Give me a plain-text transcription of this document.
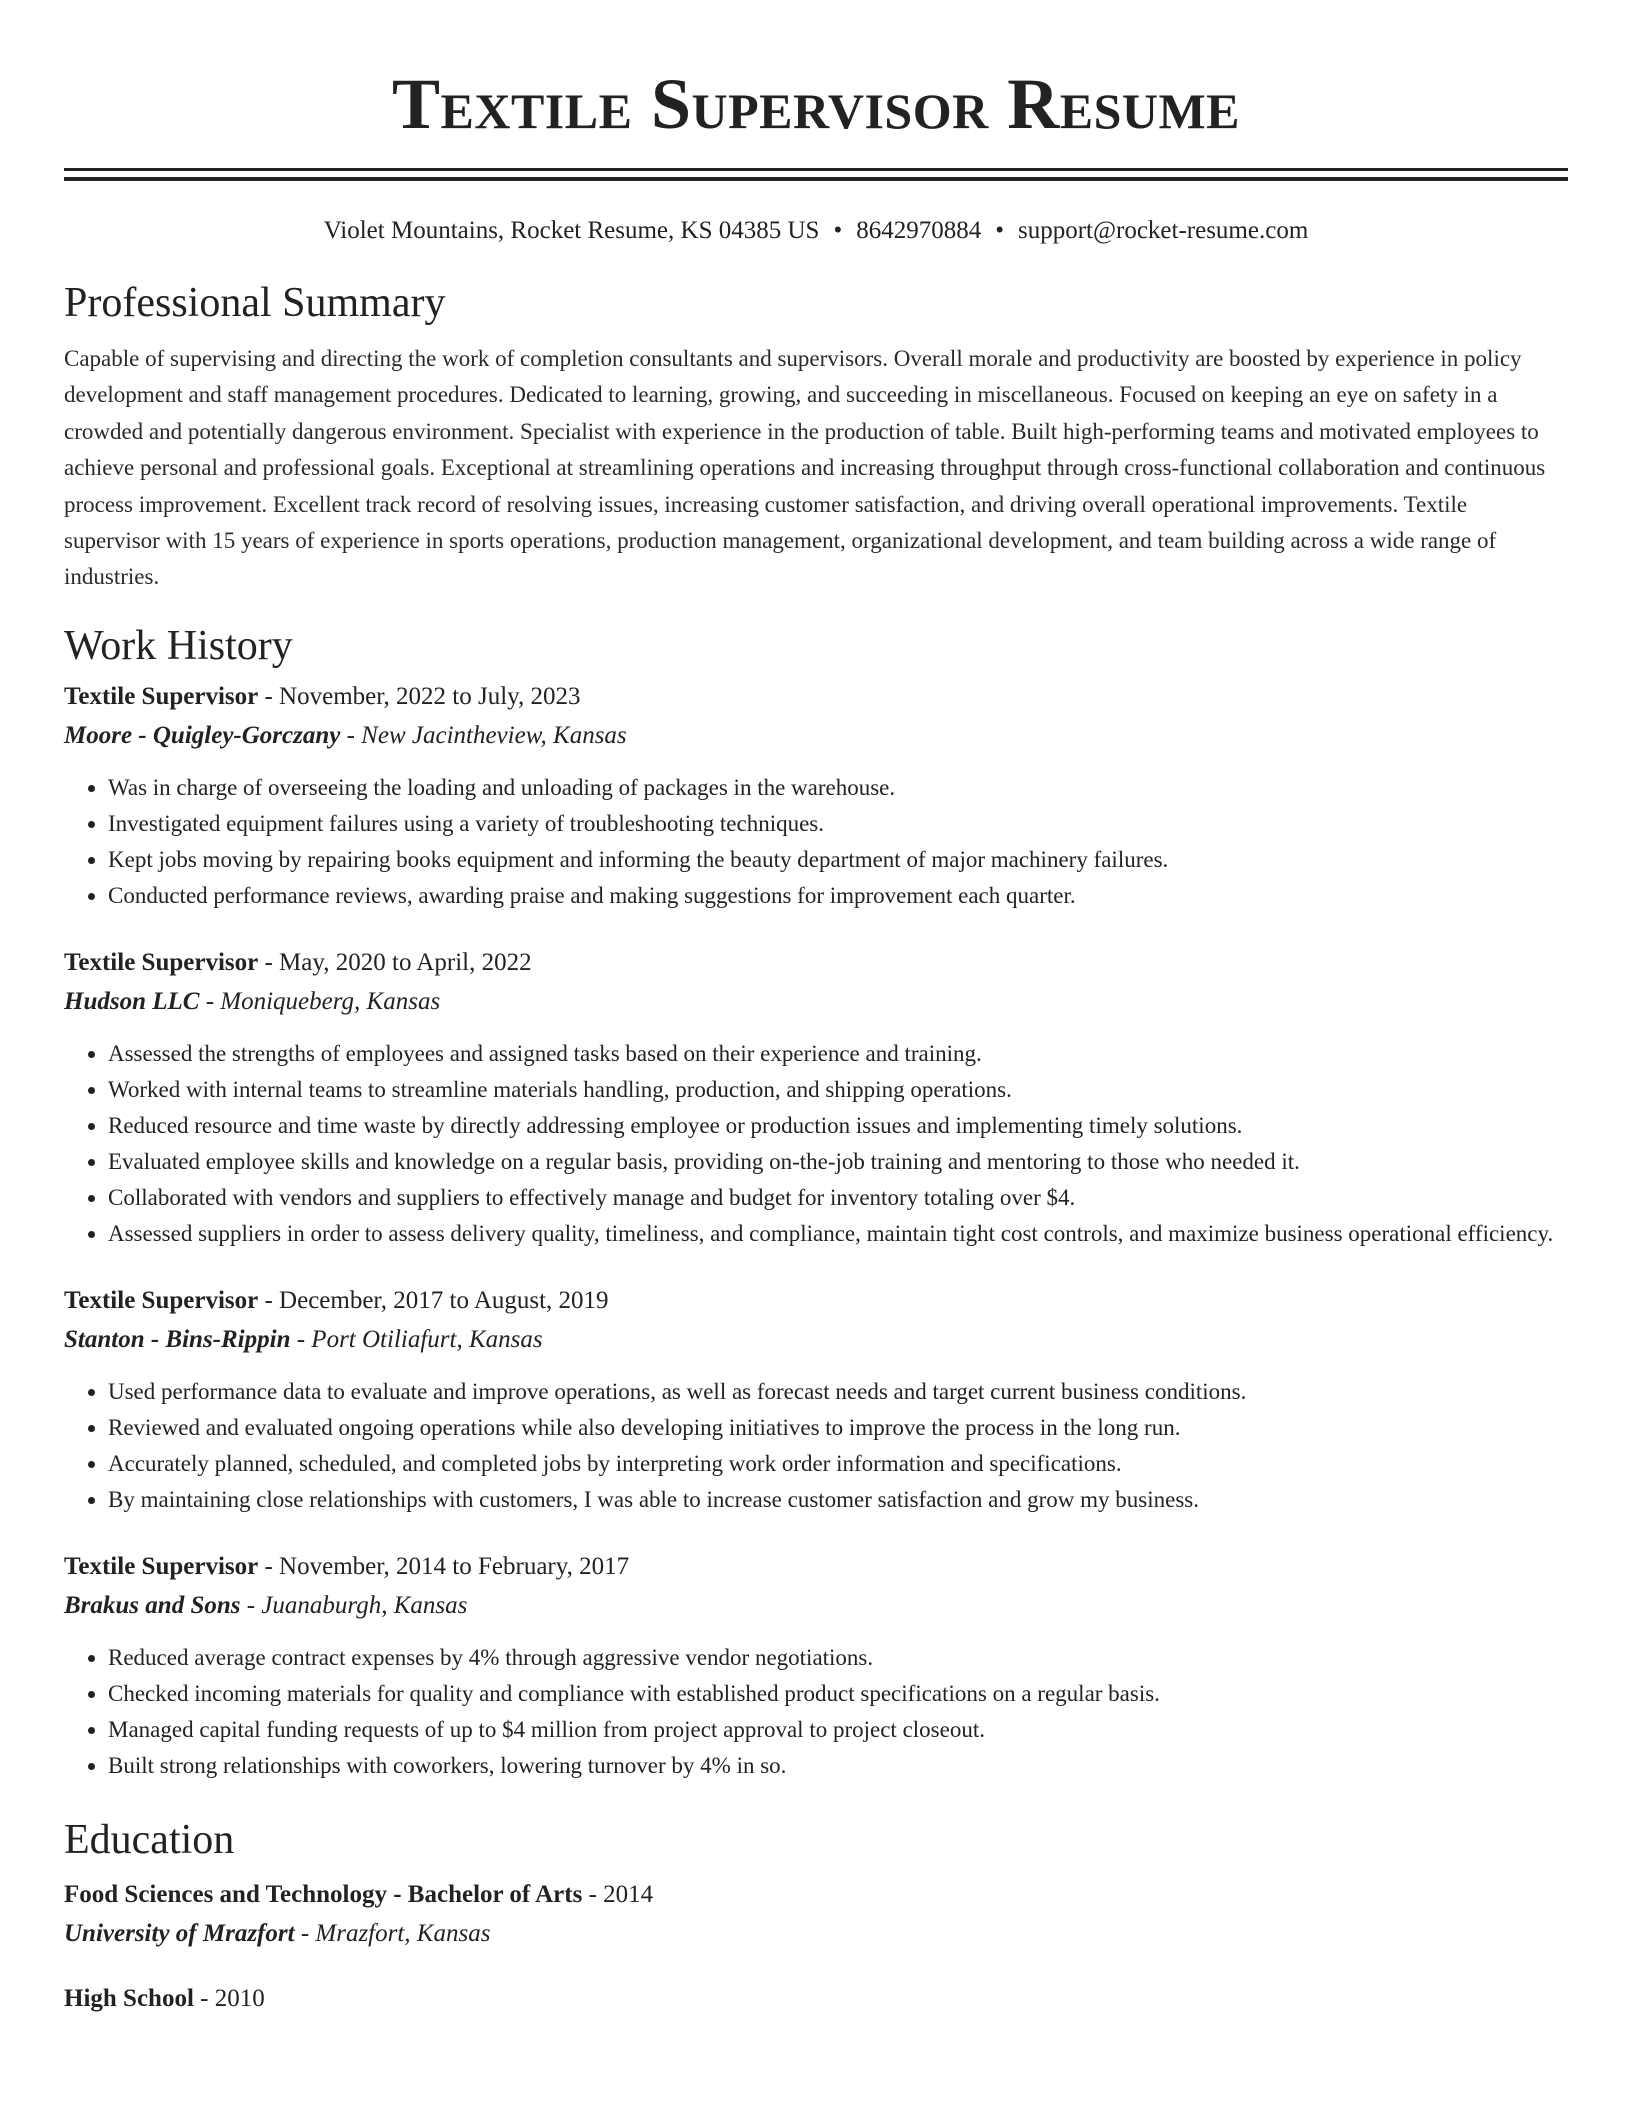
Textile Supervisor Resume
Violet Mountains, Rocket Resume, KS 04385 US • 8642970884 • support@rocket-resume.com
Professional Summary
Capable of supervising and directing the work of completion consultants and supervisors. Overall morale and productivity are boosted by experience in policy development and staff management procedures. Dedicated to learning, growing, and succeeding in miscellaneous. Focused on keeping an eye on safety in a crowded and potentially dangerous environment. Specialist with experience in the production of table. Built high-performing teams and motivated employees to achieve personal and professional goals. Exceptional at streamlining operations and increasing throughput through cross-functional collaboration and continuous process improvement. Excellent track record of resolving issues, increasing customer satisfaction, and driving overall operational improvements. Textile supervisor with 15 years of experience in sports operations, production management, organizational development, and team building across a wide range of industries.
Work History
Textile Supervisor - November, 2022 to July, 2023
Moore - Quigley-Gorczany - New Jacintheview, Kansas
• Was in charge of overseeing the loading and unloading of packages in the warehouse.
• Investigated equipment failures using a variety of troubleshooting techniques.
• Kept jobs moving by repairing books equipment and informing the beauty department of major machinery failures.
• Conducted performance reviews, awarding praise and making suggestions for improvement each quarter.
Textile Supervisor - May, 2020 to April, 2022
Hudson LLC - Moniqueberg, Kansas
• Assessed the strengths of employees and assigned tasks based on their experience and training.
• Worked with internal teams to streamline materials handling, production, and shipping operations.
• Reduced resource and time waste by directly addressing employee or production issues and implementing timely solutions.
• Evaluated employee skills and knowledge on a regular basis, providing on-the-job training and mentoring to those who needed it.
• Collaborated with vendors and suppliers to effectively manage and budget for inventory totaling over $4.
• Assessed suppliers in order to assess delivery quality, timeliness, and compliance, maintain tight cost controls, and maximize business operational efficiency.
Textile Supervisor - December, 2017 to August, 2019
Stanton - Bins-Rippin - Port Otiliafurt, Kansas
• Used performance data to evaluate and improve operations, as well as forecast needs and target current business conditions.
• Reviewed and evaluated ongoing operations while also developing initiatives to improve the process in the long run.
• Accurately planned, scheduled, and completed jobs by interpreting work order information and specifications.
• By maintaining close relationships with customers, I was able to increase customer satisfaction and grow my business.
Textile Supervisor - November, 2014 to February, 2017
Brakus and Sons - Juanaburgh, Kansas
• Reduced average contract expenses by 4% through aggressive vendor negotiations.
• Checked incoming materials for quality and compliance with established product specifications on a regular basis.
• Managed capital funding requests of up to $4 million from project approval to project closeout.
• Built strong relationships with coworkers, lowering turnover by 4% in so.
Education
Food Sciences and Technology - Bachelor of Arts - 2014
University of Mrazfort - Mrazfort, Kansas
High School - 2010
